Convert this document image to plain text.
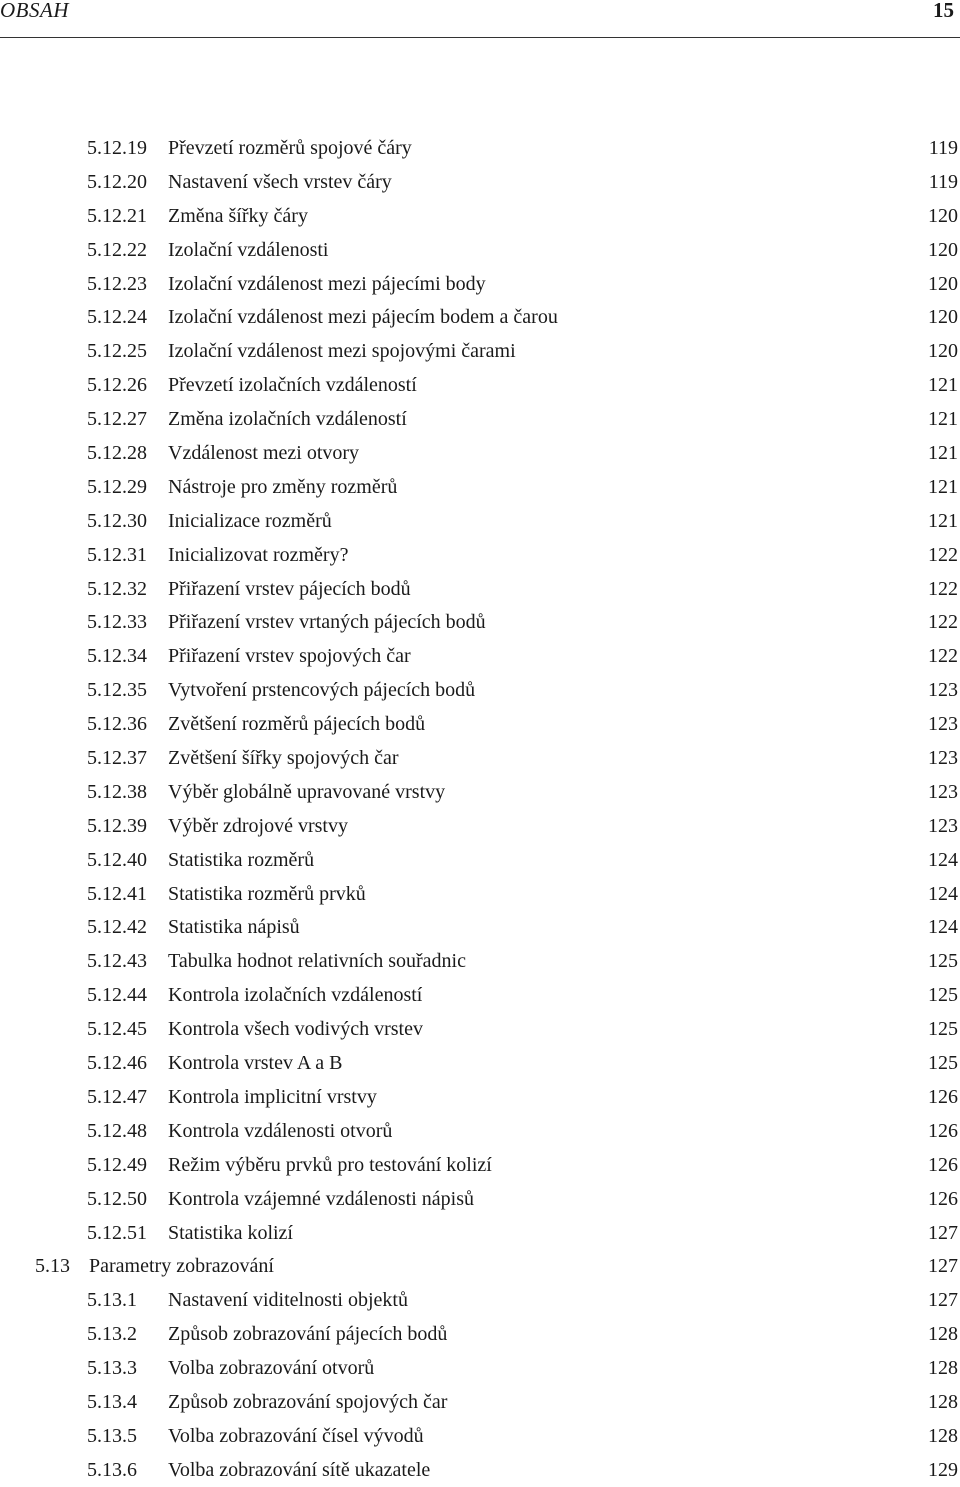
OBSAH	15
5.12.19 Převzetí rozměrů spojové čáry	119
5.12.20 Nastavení všech vrstev čáry	119
5.12.21 Změna šířky čáry	120
5.12.22 Izolační vzdálenosti	120
5.12.23 Izolační vzdálenost mezi pájecími body	120
5.12.24 Izolační vzdálenost mezi pájecím bodem a čarou	120
5.12.25 Izolační vzdálenost mezi spojovými čarami	120
5.12.26 Převzetí izolačních vzdáleností	121
5.12.27 Změna izolačních vzdáleností	121
5.12.28 Vzdálenost mezi otvory	121
5.12.29 Nástroje pro změny rozměrů	121
5.12.30 Inicializace rozměrů	121
5.12.31 Inicializovat rozměry?	122
5.12.32 Přiřazení vrstev pájecích bodů	122
5.12.33 Přiřazení vrstev vrtaných pájecích bodů	122
5.12.34 Přiřazení vrstev spojových čar	122
5.12.35 Vytvoření prstencových pájecích bodů	123
5.12.36 Zvětšení rozměrů pájecích bodů	123
5.12.37 Zvětšení šířky spojových čar	123
5.12.38 Výběr globálně upravované vrstvy	123
5.12.39 Výběr zdrojové vrstvy	123
5.12.40 Statistika rozměrů	124
5.12.41 Statistika rozměrů prvků	124
5.12.42 Statistika nápisů	124
5.12.43 Tabulka hodnot relativních souřadnic	125
5.12.44 Kontrola izolačních vzdáleností	125
5.12.45 Kontrola všech vodivých vrstev	125
5.12.46 Kontrola vrstev A a B	125
5.12.47 Kontrola implicitní vrstvy	126
5.12.48 Kontrola vzdálenosti otvorů	126
5.12.49 Režim výběru prvků pro testování kolizí	126
5.12.50 Kontrola vzájemné vzdálenosti nápisů	126
5.12.51 Statistika kolizí	127
5.13 Parametry zobrazování	127
5.13.1 Nastavení viditelnosti objektů	127
5.13.2 Způsob zobrazování pájecích bodů	128
5.13.3 Volba zobrazování otvorů	128
5.13.4 Způsob zobrazování spojových čar	128
5.13.5 Volba zobrazování čísel vývodů	128
5.13.6 Volba zobrazování sítě ukazatele	129
